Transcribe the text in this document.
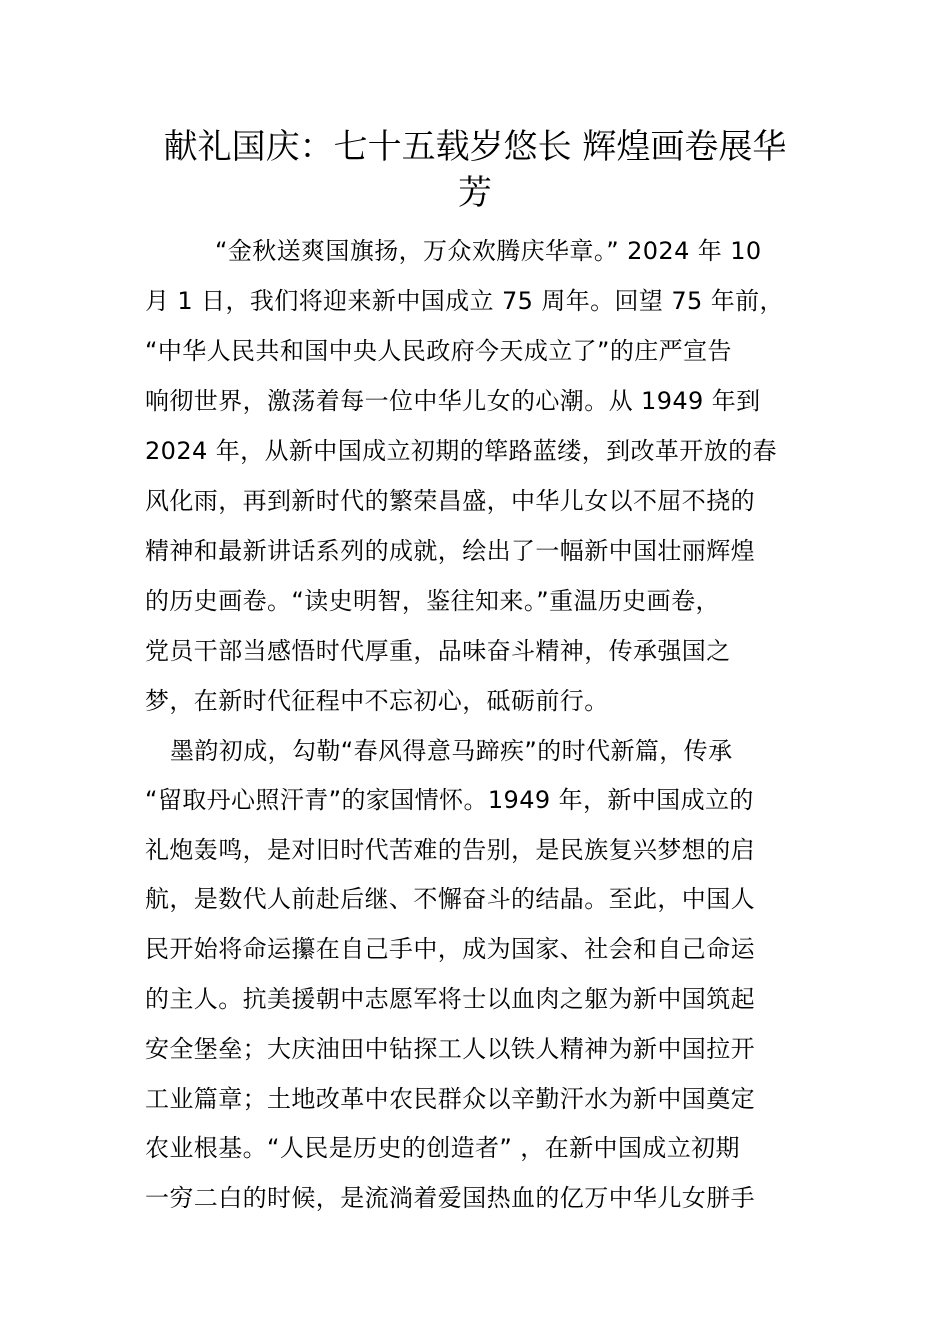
献礼国庆：七十五载岁悠长 辉煌画卷展华
芳
“金秋送爽国旗扬，万众欢腾庆华章。” 2024 年 10
月 1 日，我们将迎来新中国成立 75 周年。回望 75 年前，
“中华人民共和国中央人民政府今天成立了”的庄严宣告
响彻世界，激荡着每一位中华儿女的心潮。从 1949 年到
2024 年，从新中国成立初期的筚路蓝缕，到改革开放的春
风化雨，再到新时代的繁荣昌盛，中华儿女以不屈不挠的
精神和最新讲话系列的成就，绘出了一幅新中国壮丽辉煌
的历史画卷。“读史明智，鉴往知来。”重温历史画卷，
党员干部当感悟时代厚重，品味奋斗精神，传承强国之
梦，在新时代征程中不忘初心，砥砺前行。
墨韵初成，勾勒“春风得意马蹄疾”的时代新篇，传承
“留取丹心照汗青”的家国情怀。1949 年，新中国成立的
礼炮轰鸣，是对旧时代苦难的告别，是民族复兴梦想的启
航，是数代人前赴后继、不懈奋斗的结晶。至此，中国人
民开始将命运攥在自己手中，成为国家、社会和自己命运
的主人。抗美援朝中志愿军将士以血肉之躯为新中国筑起
安全堡垒；大庆油田中钻探工人以铁人精神为新中国拉开
工业篇章；土地改革中农民群众以辛勤汗水为新中国奠定
农业根基。“人民是历史的创造者” ，在新中国成立初期
一穷二白的时候，是流淌着爱国热血的亿万中华儿女胼手
